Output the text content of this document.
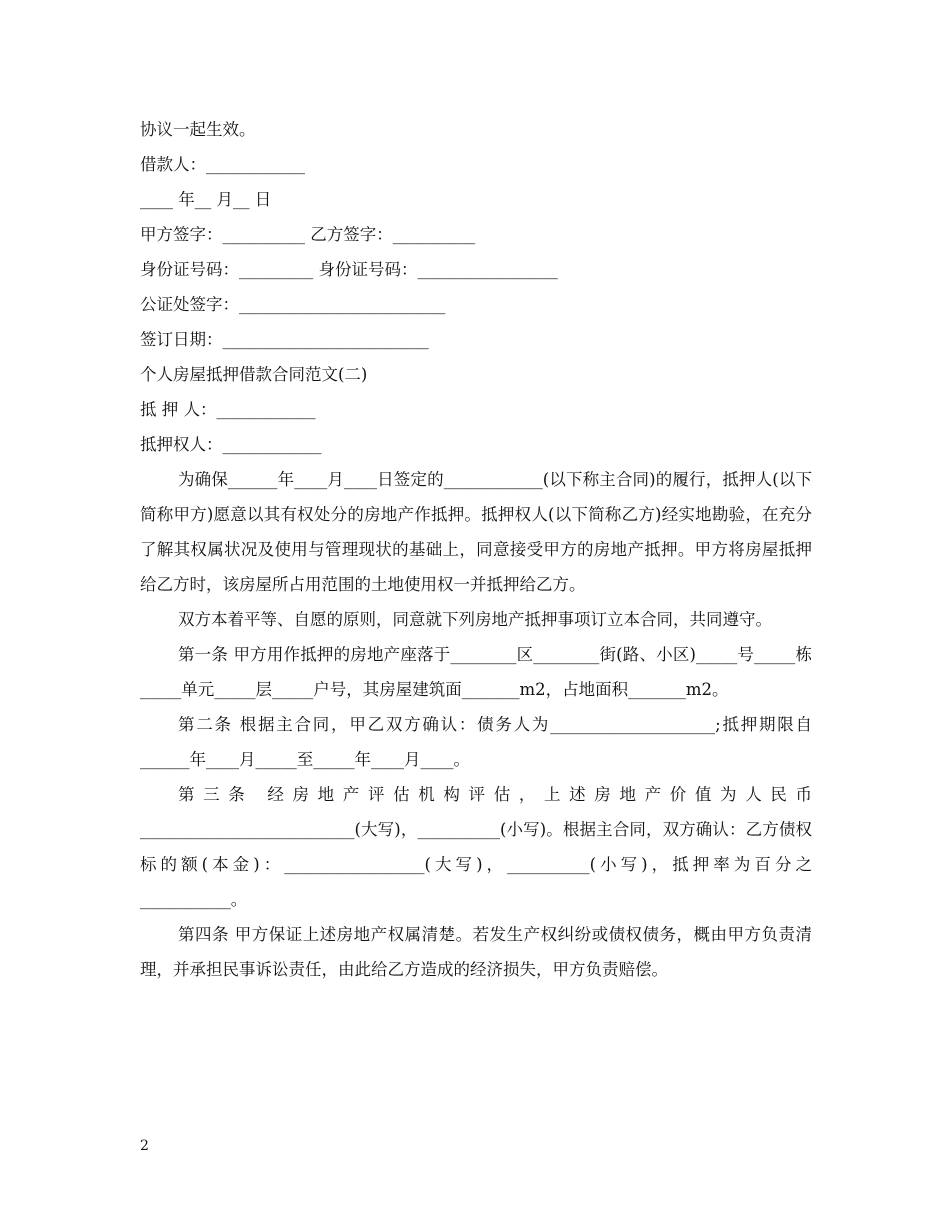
协议一起生效。

借款人：____________

____ 年__ 月__ 日

甲方签字：__________ 乙方签字：__________

身份证号码：_________ 身份证号码：_________________

公证处签字：_________________________

签订日期：_________________________

个人房屋抵押借款合同范文(二)

抵 押 人：____________

抵押权人：____________

为确保______年____月____日签定的____________(以下称主合同)的履行，抵押人(以下简称甲方)愿意以其有权处分的房地产作抵押。抵押权人(以下简称乙方)经实地勘验，在充分了解其权属状况及使用与管理现状的基础上，同意接受甲方的房地产抵押。甲方将房屋抵押给乙方时，该房屋所占用范围的土地使用权一并抵押给乙方。

双方本着平等、自愿的原则，同意就下列房地产抵押事项订立本合同，共同遵守。

第一条 甲方用作抵押的房地产座落于________区________街(路、小区)_____号_____栋_____单元_____层_____户号，其房屋建筑面_______m2，占地面积_______m2。

第二条 根据主合同，甲乙双方确认：债务人为____________________;抵押期限自______年____月_____至_____年____月____。

第三条 经房地产评估机构评估，上述房地产价值为人民币__________________________(大写)，__________(小写)。根据主合同，双方确认：乙方债权标的额(本金)：_________________(大写)，__________(小写)，抵押率为百分之___________。

第四条 甲方保证上述房地产权属清楚。若发生产权纠纷或债权债务，概由甲方负责清理，并承担民事诉讼责任，由此给乙方造成的经济损失，甲方负责赔偿。

2
